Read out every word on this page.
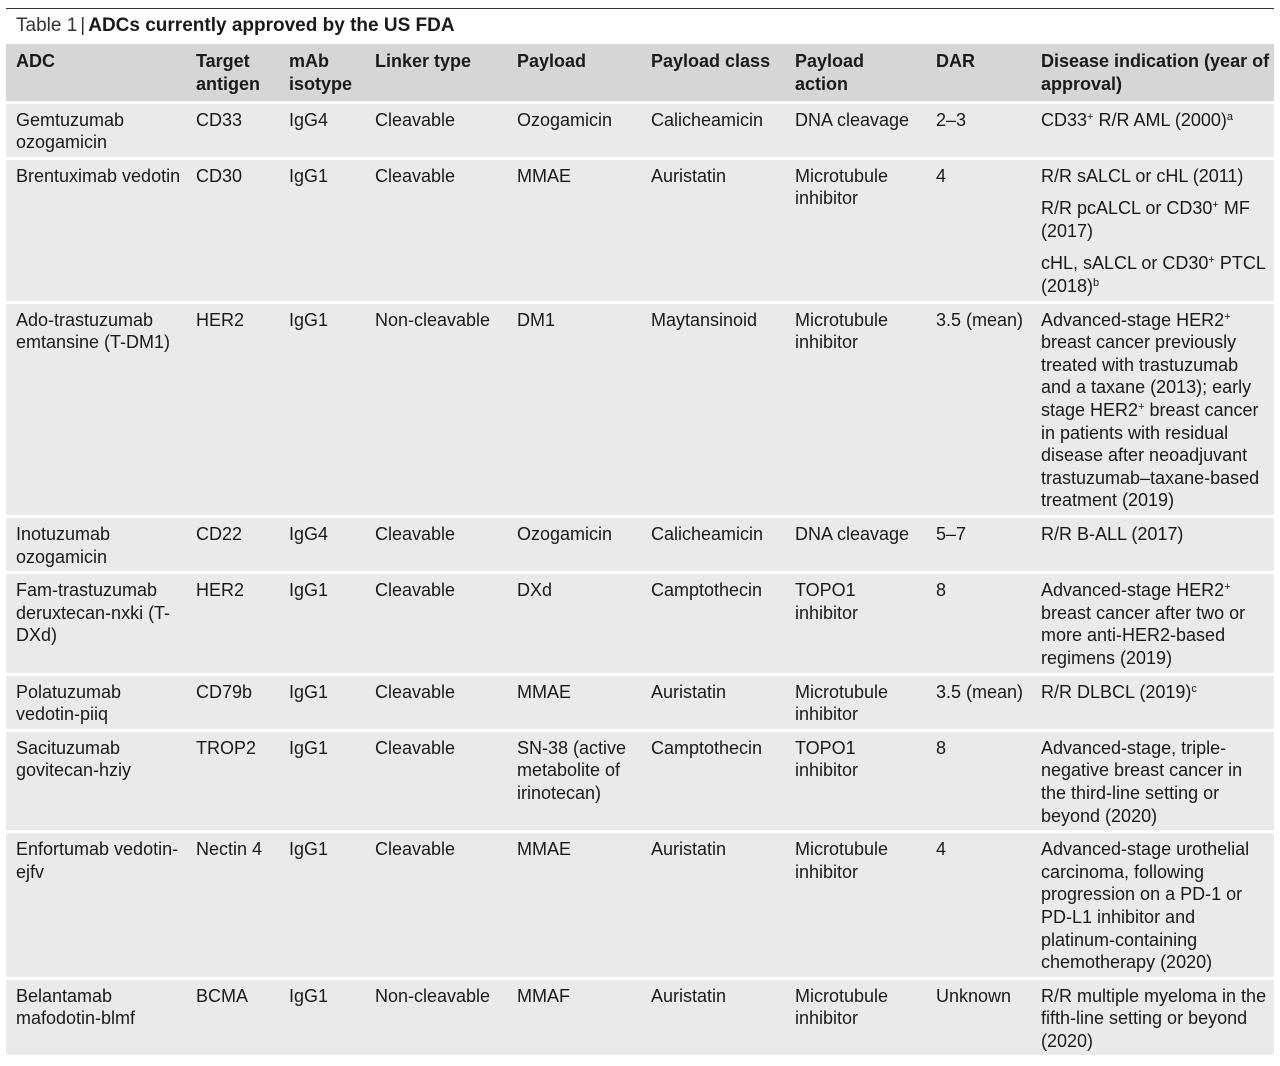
Table 1 | ADCs currently approved by the US FDA
ADC	Target antigen	mAb isotype	Linker type	Payload	Payload class	Payload action	DAR	Disease indication (year of approval)
Gemtuzumab ozogamicin	CD33	IgG4	Cleavable	Ozogamicin	Calicheamicin	DNA cleavage	2–3	CD33+ R/R AML $(2000)^a$

Brentuximab vedotin	CD30	IgG1	Cleavable	MMAE	Auristatin	Microtubule inhibitor	4	R/R sALCL or cHL (2011)
R/R pcALCL or CD30+ MF (2017)
cHL, sALCL or CD30+ PTCL $(2018)^b$

Ado-trastuzumab emtansine (T-DM1)	HER2	IgG1	Non-cleavable	DM1	Maytansinoid	Microtubule inhibitor	3.5 (mean)	Advanced-stage HER2+ breast cancer previously treated with trastuzumab and a taxane (2013); early stage HER2+ breast cancer in patients with residual disease after neoadjuvant trastuzumab–taxane-based treatment (2019)

Inotuzumab ozogamicin	CD22	IgG4	Cleavable	Ozogamicin	Calicheamicin	DNA cleavage	5–7	R/R B-ALL (2017)

Fam-trastuzumab deruxtecan-nxki (T-DXd)	HER2	IgG1	Cleavable	DXd	Camptothecin	TOPO1 inhibitor	8	Advanced-stage HER2+ breast cancer after two or more anti-HER2-based regimens (2019)

Polatuzumab vedotin-piiq	CD79b	IgG1	Cleavable	MMAE	Auristatin	Microtubule inhibitor	3.5 (mean)	R/R DLBCL $(2019)^c$

Sacituzumab govitecan-hziy	TROP2	IgG1	Cleavable	SN-38 (active metabolite of irinotecan)	Camptothecin	TOPO1 inhibitor	8	Advanced-stage, triple-negative breast cancer in the third-line setting or beyond (2020)

Enfortumab vedotin-ejfv	Nectin 4	IgG1	Cleavable	MMAE	Auristatin	Microtubule inhibitor	4	Advanced-stage urothelial carcinoma, following progression on a PD-1 or PD-L1 inhibitor and platinum-containing chemotherapy (2020)

Belantamab mafodotin-blmf	BCMA	IgG1	Non-cleavable	MMAF	Auristatin	Microtubule inhibitor	Unknown	R/R multiple myeloma in the fifth-line setting or beyond (2020)
